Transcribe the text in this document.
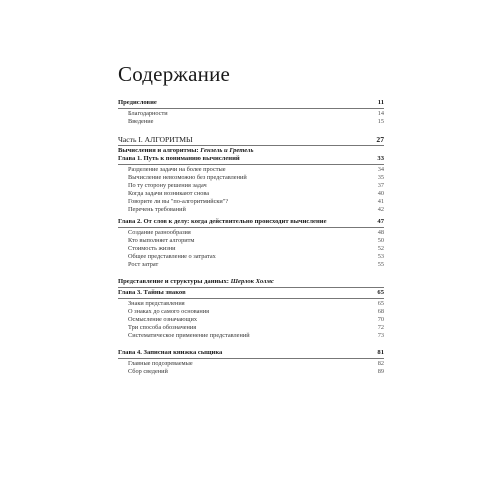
Содержание
Предисловие	11
Благодарности	14
Введение	15
Часть I. АЛГОРИТМЫ	27
Вычисления и алгоритмы: Гензель и Гретель
Глава 1. Путь к пониманию вычислений	33
Разделение задачи на более простые	34
Вычисление невозможно без представлений	35
По ту сторону решения задач	37
Когда задачи возникают снова	40
Говорите ли вы "по-алгоритмийски"?	41
Перечень требований	42
Глава 2. От слов к делу: когда действительно происходит вычисление	47
Создание разнообразия	48
Кто выполняет алгоритм	50
Стоимость жизни	52
Общее представление о затратах	53
Рост затрат	55
Представление и структуры данных: Шерлок Холмс
Глава 3. Тайны знаков	65
Знаки представления	65
О знаках до самого основания	68
Осмысление означающих	70
Три способа обозначения	72
Систематическое применение представлений	73
Глава 4. Записная книжка сыщика	81
Главные подозреваемые	82
Сбор сведений	89
